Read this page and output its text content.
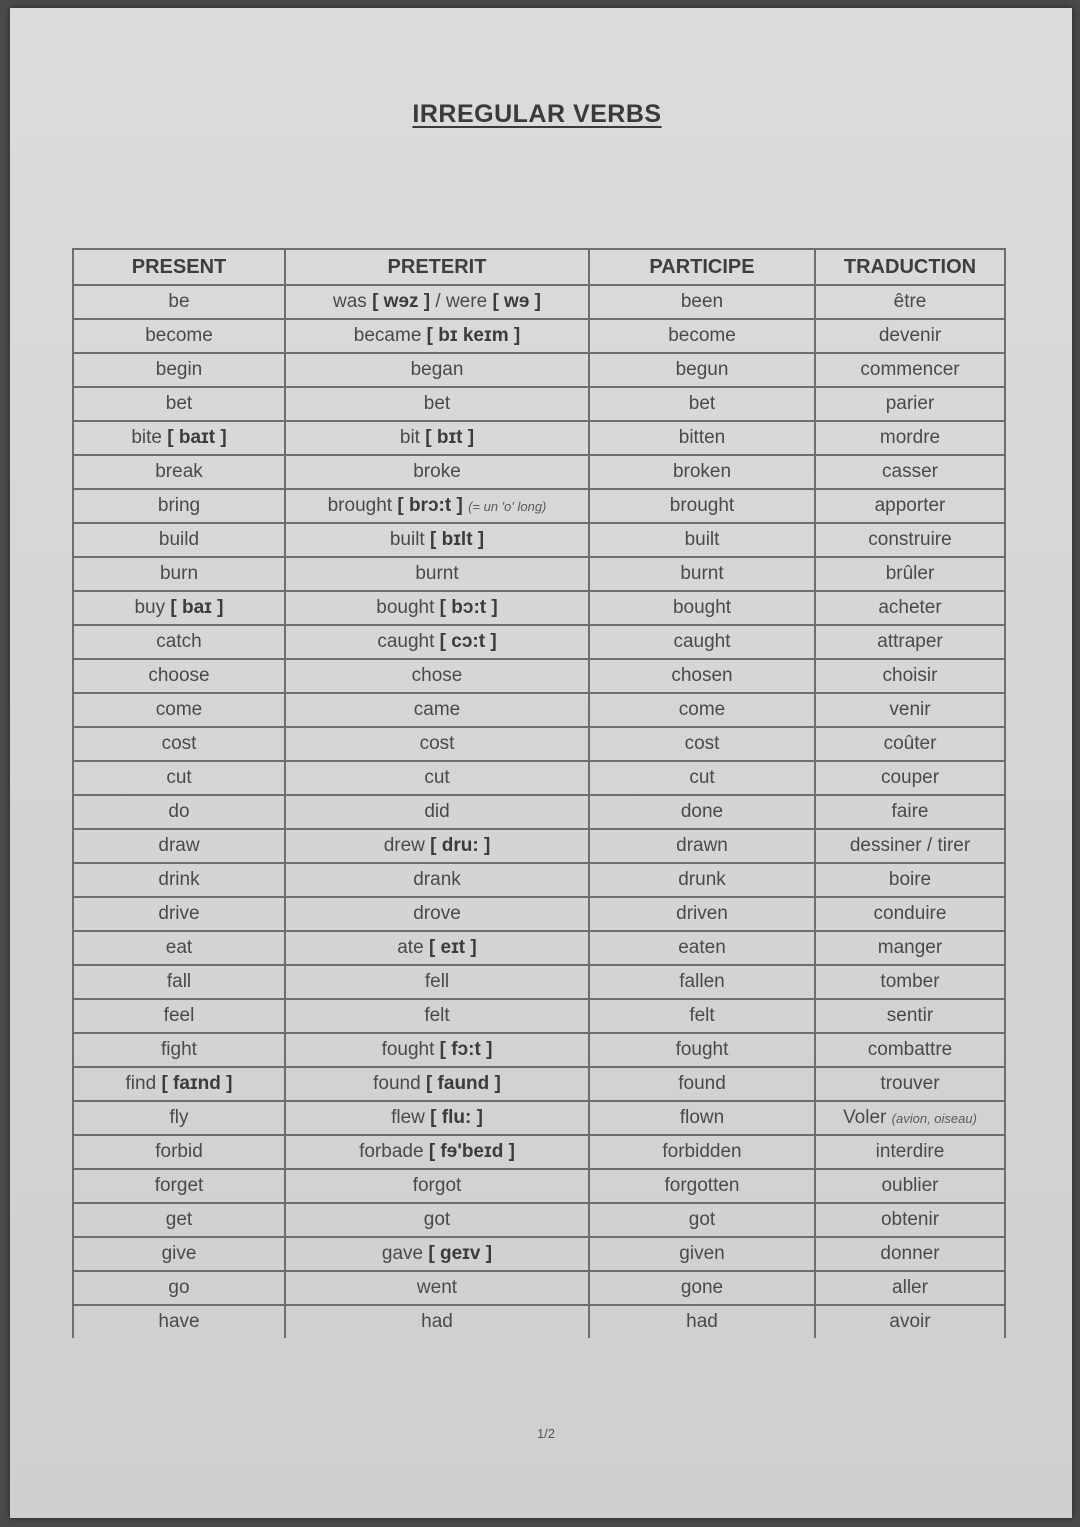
IRREGULAR VERBS
PRESENT	PRETERIT	PARTICIPE	TRADUCTION
be	was [ wɘz ] / were [ wɘ ]	been	être
become	became [ bɪ keɪm ]	become	devenir
begin	began	begun	commencer
bet	bet	bet	parier
bite [ baɪt ]	bit [ bɪt ]	bitten	mordre
break	broke	broken	casser
bring	brought [ brɔ:t ] (= un 'o' long)	brought	apporter
build	built [ bɪlt ]	built	construire
burn	burnt	burnt	brûler
buy [ baɪ ]	bought [ bɔ:t ]	bought	acheter
catch	caught [ cɔ:t ]	caught	attraper
choose	chose	chosen	choisir
come	came	come	venir
cost	cost	cost	coûter
cut	cut	cut	couper
do	did	done	faire
draw	drew [ dru: ]	drawn	dessiner / tirer
drink	drank	drunk	boire
drive	drove	driven	conduire
eat	ate [ eɪt ]	eaten	manger
fall	fell	fallen	tomber
feel	felt	felt	sentir
fight	fought [ fɔ:t ]	fought	combattre
find [ faɪnd ]	found [ faund ]	found	trouver
fly	flew [ flu: ]	flown	Voler (avion, oiseau)
forbid	forbade [ fɘ'beɪd ]	forbidden	interdire
forget	forgot	forgotten	oublier
get	got	got	obtenir
give	gave [ geɪv ]	given	donner
go	went	gone	aller
have	had	had	avoir
1/2
